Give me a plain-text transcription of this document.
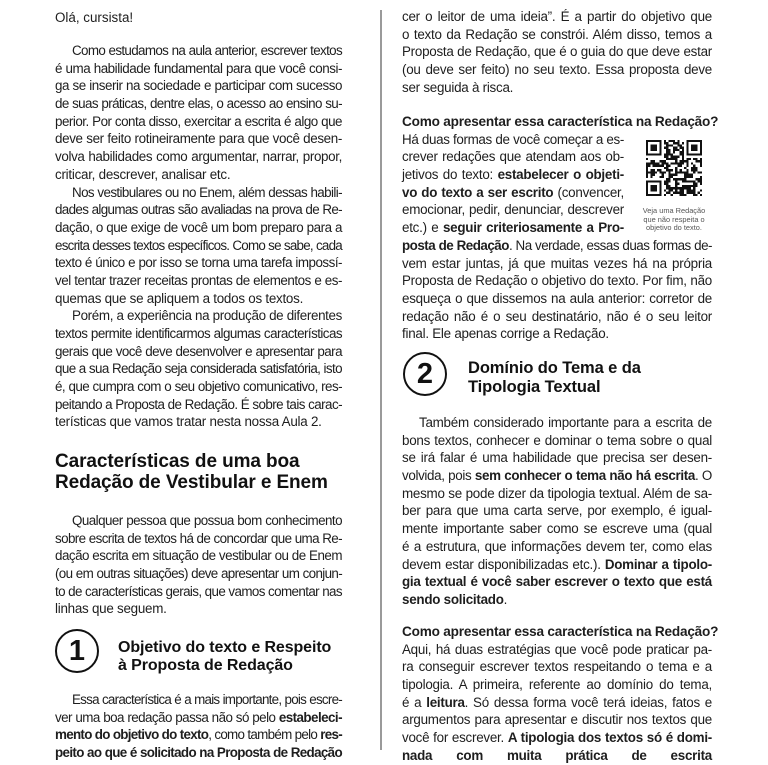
Olá, cursista!
Como estudamos na aula anterior, escrever textos
é uma habilidade fundamental para que você consi-
ga se inserir na sociedade e participar com sucesso
de suas práticas, dentre elas, o acesso ao ensino su-
perior. Por conta disso, exercitar a escrita é algo que
deve ser feito rotineiramente para que você desen-
volva habilidades como argumentar, narrar, propor,
criticar, descrever, analisar etc.
Nos vestibulares ou no Enem, além dessas habili-
dades algumas outras são avaliadas na prova de Re-
dação, o que exige de você um bom preparo para a
escrita desses textos específicos. Como se sabe, cada
texto é único e por isso se torna uma tarefa impossí-
vel tentar trazer receitas prontas de elementos e es-
quemas que se apliquem a todos os textos.
Porém, a experiência na produção de diferentes
textos permite identificarmos algumas características
gerais que você deve desenvolver e apresentar para
que a sua Redação seja considerada satisfatória, isto
é, que cumpra com o seu objetivo comunicativo, res-
peitando a Proposta de Redação. É sobre tais carac-
terísticas que vamos tratar nesta nossa Aula 2.
Características de uma boa
Redação de Vestibular e Enem
Qualquer pessoa que possua bom conhecimento
sobre escrita de textos há de concordar que uma Re-
dação escrita em situação de vestibular ou de Enem
(ou em outras situações) deve apresentar um conjun-
to de características gerais, que vamos comentar nas
linhas que seguem.
1	Objetivo do texto e Respeito
à Proposta de Redação
Essa característica é a mais importante, pois escre-
ver uma boa redação passa não só pelo estabeleci-
mento do objetivo do texto, como também pelo res-
peito ao que é solicitado na Proposta de Redação
cer o leitor de uma ideia”. É a partir do objetivo que
o texto da Redação se constrói. Além disso, temos a
Proposta de Redação, que é o guia do que deve estar
(ou deve ser feito) no seu texto. Essa proposta deve
ser seguida à risca.
Como apresentar essa característica na Redação?
Há duas formas de você começar a es-
crever redações que atendam aos ob-
jetivos do texto: estabelecer o objeti-
vo do texto a ser escrito (convencer,
emocionar, pedir, denunciar, descrever
etc.) e seguir criteriosamente a Pro-
posta de Redação. Na verdade, essas duas formas de-
vem estar juntas, já que muitas vezes há na própria
Proposta de Redação o objetivo do texto. Por fim, não
esqueça o que dissemos na aula anterior: corretor de
redação não é o seu destinatário, não é o seu leitor
final. Ele apenas corrige a Redação.
2	Domínio do Tema e da
Tipologia Textual
Também considerado importante para a escrita de
bons textos, conhecer e dominar o tema sobre o qual
se irá falar é uma habilidade que precisa ser desen-
volvida, pois sem conhecer o tema não há escrita. O
mesmo se pode dizer da tipologia textual. Além de sa-
ber para que uma carta serve, por exemplo, é igual-
mente importante saber como se escreve uma (qual
é a estrutura, que informações devem ter, como elas
devem estar disponibilizadas etc.). Dominar a tipolo-
gia textual é você saber escrever o texto que está
sendo solicitado.
Como apresentar essa característica na Redação?
Aqui, há duas estratégias que você pode praticar pa-
ra conseguir escrever textos respeitando o tema e a
tipologia. A primeira, referente ao domínio do tema,
é a leitura. Só dessa forma você terá ideias, fatos e
argumentos para apresentar e discutir nos textos que
você for escrever. A tipologia dos textos só é domi-
nada com muita prática de escrita
Veja uma Redação
que não respeita o
objetivo do texto.
